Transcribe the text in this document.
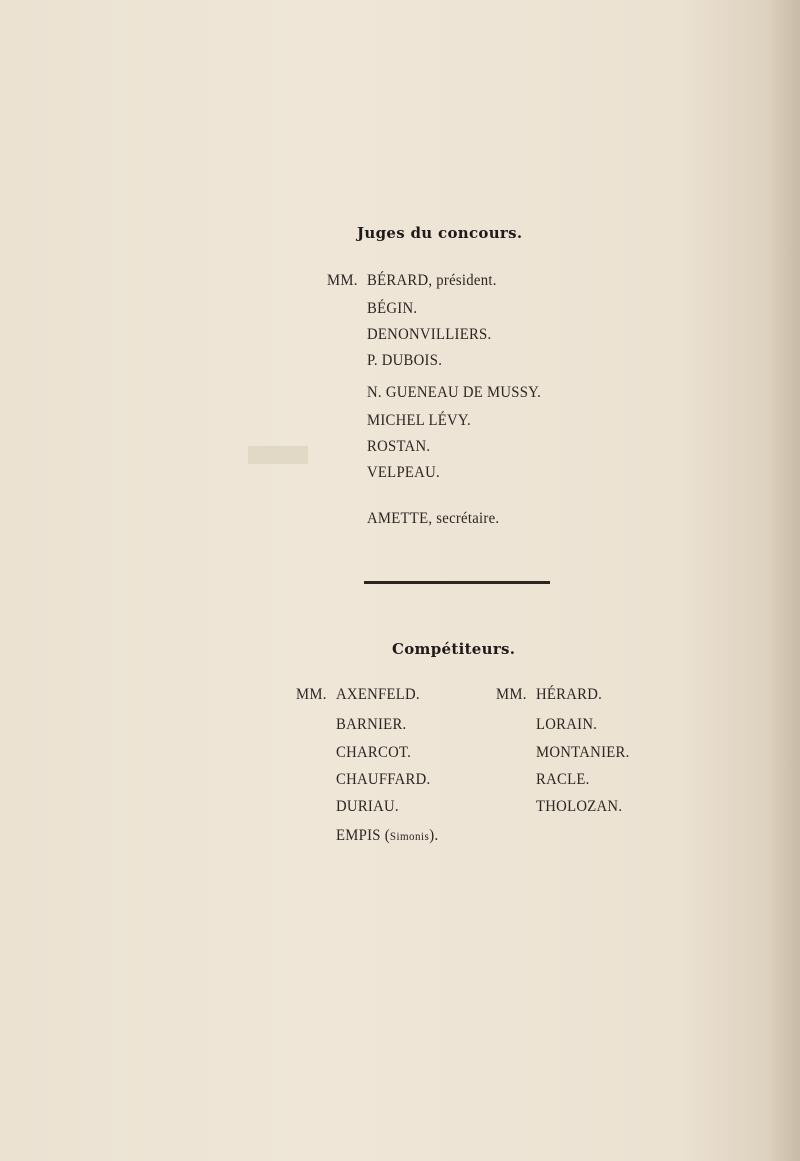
▬
Juges du concours.
MM. BÉRARD, président.
BÉGIN.
DENONVILLIERS.
P. DUBOIS.
N. GUENEAU DE MUSSY.
MICHEL LÉVY.
ROSTAN.
VELPEAU.
AMETTE, secrétaire.
Compétiteurs.
MM. AXENFELD.
BARNIER.
CHARCOT.
CHAUFFARD.
DURIAU.
EMPIS (Simonis).
MM. HÉRARD.
LORAIN.
MONTANIER.
RACLE.
THOLOZAN.
